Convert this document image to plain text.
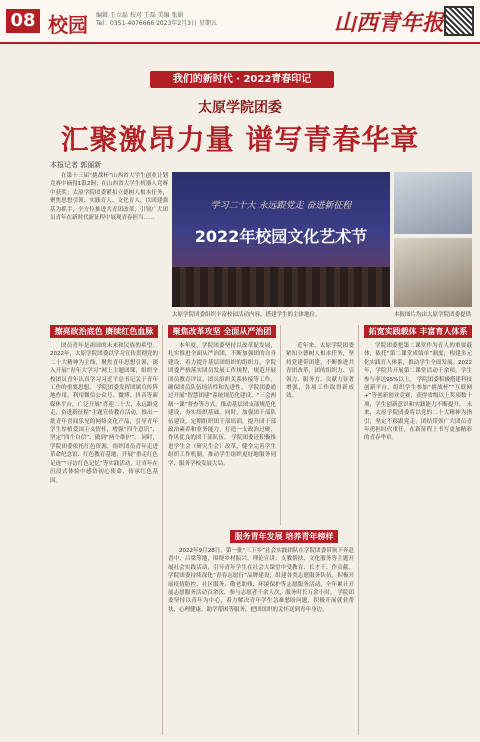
08 校园 编辑 王立磊 校对 王磊 美编 张娟
Tel：0351-4076666 2023年2月3日 星期五	山西青年报
我们的新时代 · 2022青春印记
太原学院团委
汇聚激昂力量 谱写青春华章
本报记者 郭丽新

在第十三届“挑战杯”山西省大学生创业计划竞赛中摘得1银2铜；在山西省大学生机器人竞赛中获奖；太原学院团委紧扣立德树人根本任务，聚焦思想引领、实践育人、文化育人，以团建强基为抓手，全方位推进共青团改革，引领广大团员青年在新时代新征程中展现青春担当……

学习二十大 永远跟党走 奋进新征程
2022年校园文化艺术节
太原学院团委组织丰富校园活动内容，搭建学生的主体地位。	本报图片均由太原学院团委提供
擦亮政治底色 赓续红色血脉	聚焦改革攻坚 全面从严治团	拓宽实践载体 丰富育人体系
服务青年发展 培养青年榜样

团员青年是祖国的未来和民族的希望。2022年，太原学院团委以学习宣传贯彻党的二十大精神为主线，聚焦青年思想引领，深入开展“青年大学习”网上主题团课，组织全校团员青年认真学习习近平总书记关于青年工作的重要思想。 学院团委发挥团属宣传阵地作用，利用微信公众号、微博、抖音等新媒体平台，广泛开展“喜迎二十大、永远跟党走、奋进新征程”主题宣传教育活动，推出一批青年喜闻乐见的网络文化产品，引导青年学生厚植爱国主义情怀，增强“四个意识”、坚定“四个自信”、做到“两个维护”。 同时，学院团委依托红色资源，组织团员青年走进革命纪念馆、红色教育基地，开展“重走红色足迹”“寻访红色记忆”等实践活动，让青年在沉浸式体验中感悟初心使命，传承红色基因。

本年度，学院团委坚持以改革促发展，扎实推进全面从严治团，不断加强团的自身建设，着力提升基层团组织的组织力。学院团委严格落实团员发展工作规程，规范开展团员教育评议、团员组织关系转接等工作，确保团员队伍纯洁性和先进性。 学院团委通过开展“智慧团建”系统规范化建设、“三会两制一课”督查等方式，推动基层团支部规范化建设，夯实组织基础。同时，加强团干部队伍建设，定期组织团干部培训，提升团干部政治素养和业务能力，打造一支政治过硬、作风优良的团干部队伍。 学院团委还积极推进学生会（研究生会）改革，健全完善学生组织工作机制，推动学生组织更好地服务同学、服务学校发展大局。

近年来，太原学院团委紧扣立德树人根本任务，坚持党建带团建，不断推进共青团改革，团的组织力、引领力、服务力、贡献力显著增强，各项工作取得新成效。

2022年9月28日，第一批“三下乡”社会实践团队在学院团委带领下奔赴晋中、吕梁等地，围绕乡村振兴、理论宣讲、支教帮扶、文化服务等主题开展社会实践活动，引导青年学生在社会大课堂中受教育、长才干、作贡献。 学院团委持续深化“青春志愿行”品牌建设，组建各类志愿服务队伍，积极开展疫情防控、社区服务、敬老助残、环境保护等志愿服务活动，全年累计开展志愿服务活动百余次，参与志愿者千余人次，服务时长万余小时。 学院团委坚持以青年为中心，着力解决青年学生急难愁盼问题，积极开展就业帮扶、心理健康、助学帮困等服务，把团组织的关怀送到青年身边。

学院团委把第二课堂作为育人的重要载体，依托“第二课堂成绩单”制度，构建多元化实践育人体系，推动学生全面发展。2022年，学院共开展第二课堂活动千余项，学生参与率达95%以上。 学院团委积极搭建科技创新平台，组织学生参加“挑战杯”“互联网+”等创新创业竞赛，获得省级以上奖项数十项，学生创新意识和实践能力不断提升。 未来，太原学院团委将以党的二十大精神为指引，坚定不移跟党走，团结带领广大团员青年勇担时代重任，在新征程上书写更加精彩的青春华章。
